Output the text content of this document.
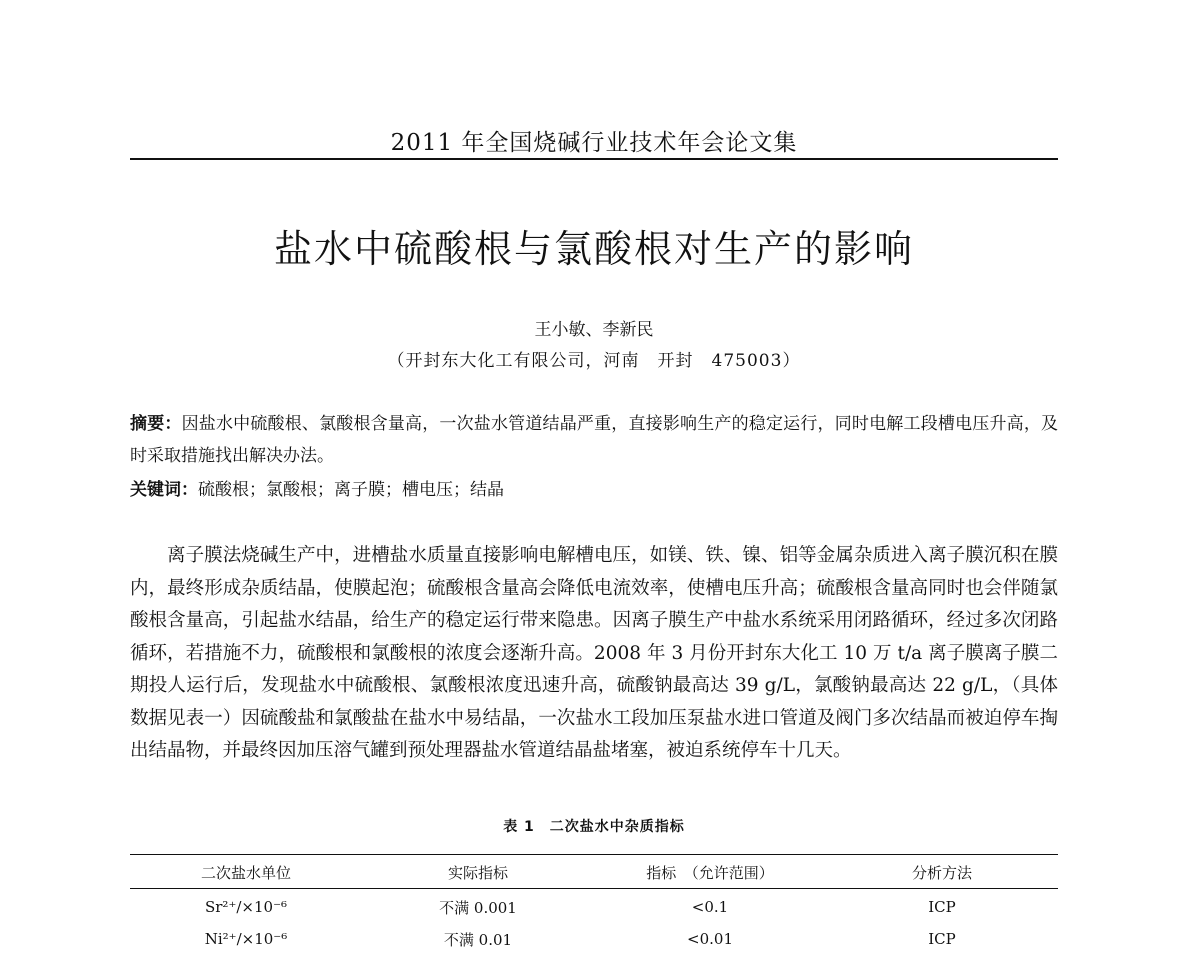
2011 年全国烧碱行业技术年会论文集
盐水中硫酸根与氯酸根对生产的影响
王小敏、李新民
（开封东大化工有限公司，河南　开封　475003）
摘要：因盐水中硫酸根、氯酸根含量高，一次盐水管道结晶严重，直接影响生产的稳定运行，同时电解工段槽电压升高，及时采取措施找出解决办法。
关键词：硫酸根；氯酸根；离子膜；槽电压；结晶

离子膜法烧碱生产中，进槽盐水质量直接影响电解槽电压，如镁、铁、镍、铝等金属杂质进入离子膜沉积在膜内，最终形成杂质结晶，使膜起泡；硫酸根含量高会降低电流效率，使槽电压升高；硫酸根含量高同时也会伴随氯酸根含量高，引起盐水结晶，给生产的稳定运行带来隐患。因离子膜生产中盐水系统采用闭路循环，经过多次闭路循环，若措施不力，硫酸根和氯酸根的浓度会逐渐升高。2008 年 3 月份开封东大化工 10 万 t/a 离子膜离子膜二期投人运行后，发现盐水中硫酸根、氯酸根浓度迅速升高，硫酸钠最高达 39 g/L，氯酸钠最高达 22 g/L，（具体数据见表一）因硫酸盐和氯酸盐在盐水中易结晶，一次盐水工段加压泵盐水进口管道及阀门多次结晶而被迫停车掏出结晶物，并最终因加压溶气罐到预处理器盐水管道结晶盐堵塞，被迫系统停车十几天。

表 1　二次盐水中杂质指标
二次盐水单位	实际指标	指标　（允许范围）	分析方法
Sr²⁺/×10⁻⁶	不满 0.001	<0.1	ICP
Ni²⁺/×10⁻⁶	不满 0.01	<0.01	ICP
